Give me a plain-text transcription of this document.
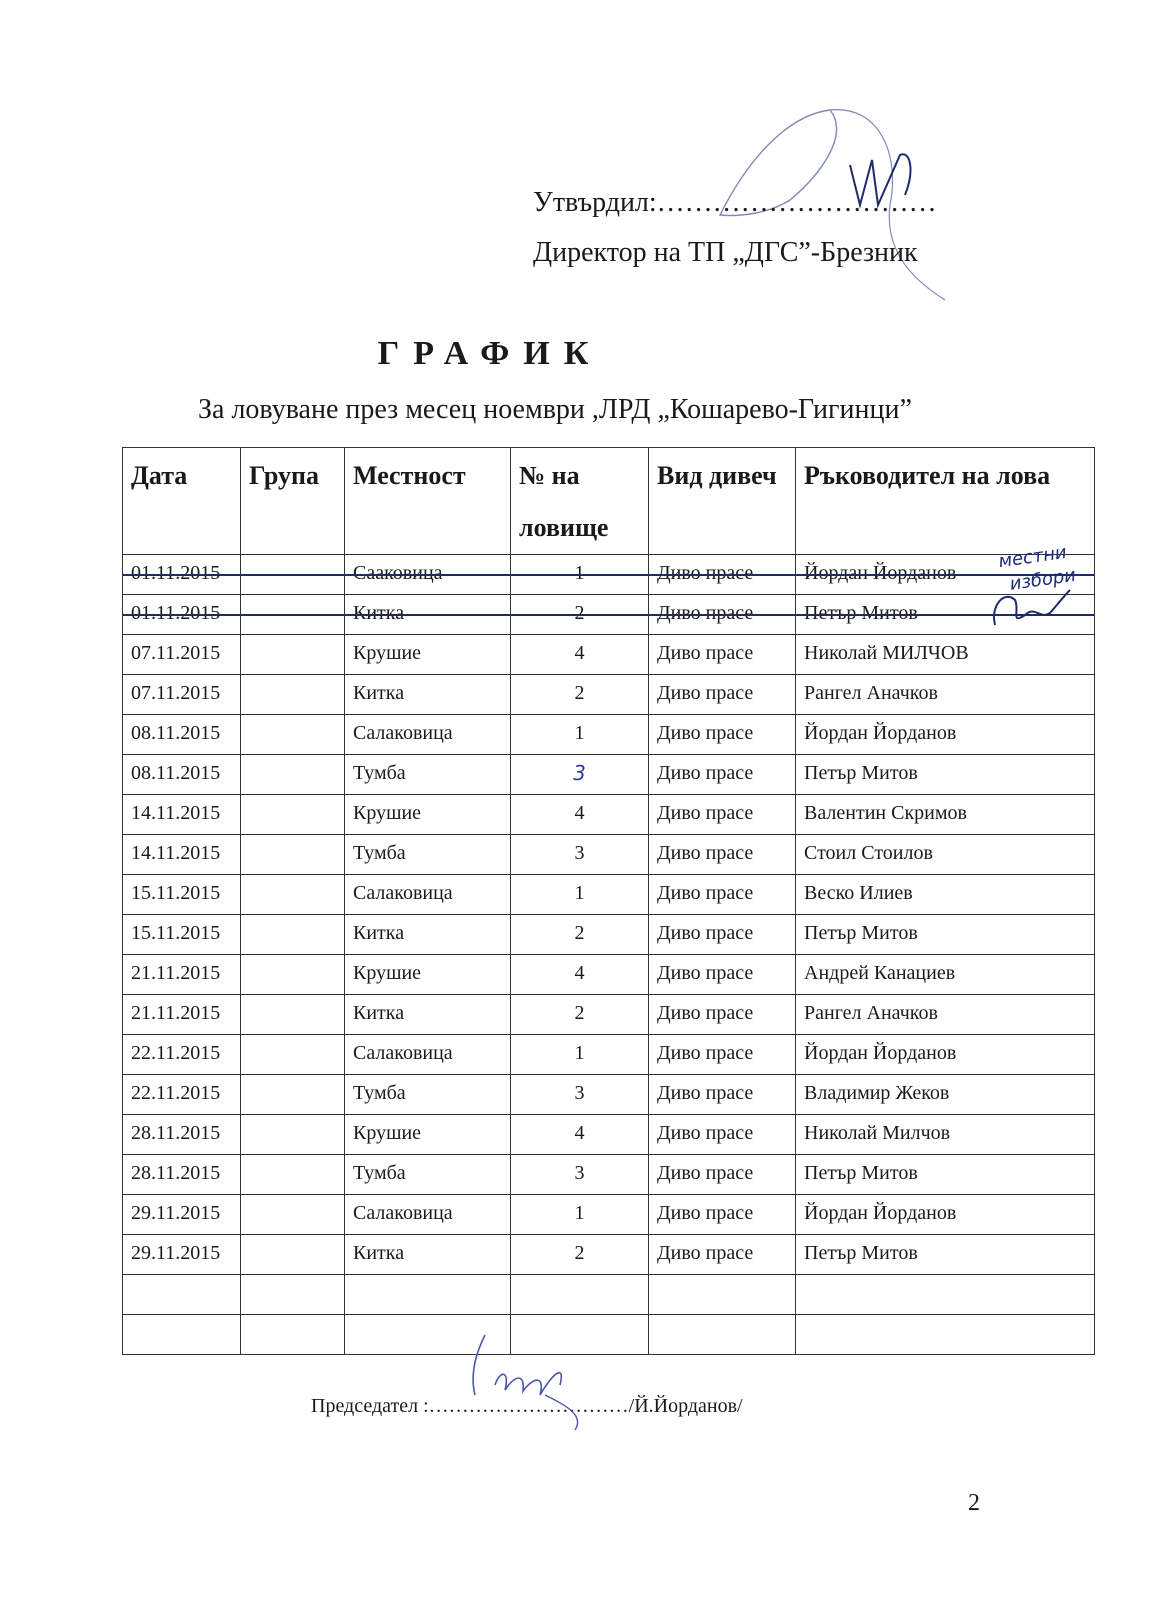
Утвърдил:…………………………
Директор на ТП „ДГС”-Брезник
ГРАФИК
За ловуване през месец ноември ,ЛРД „Кошарево-Гигинци”
Дата	Група	Местност	№ на ловище	Вид дивеч	Ръководител на лова
01.11.2015		Сааковица	1	Диво прасе	Йордан Йорданов
01.11.2015		Китка	2	Диво прасе	Петър Митов
07.11.2015		Крушие	4	Диво прасе	Николай МИЛЧОВ
07.11.2015		Китка	2	Диво прасе	Рангел Аначков
08.11.2015		Салаковица	1	Диво прасе	Йордан Йорданов
08.11.2015		Тумба	3	Диво прасе	Петър Митов
14.11.2015		Крушие	4	Диво прасе	Валентин Скримов
14.11.2015		Тумба	3	Диво прасе	Стоил Стоилов
15.11.2015		Салаковица	1	Диво прасе	Веско Илиев
15.11.2015		Китка	2	Диво прасе	Петър Митов
21.11.2015		Крушие	4	Диво прасе	Андрей Канациев
21.11.2015		Китка	2	Диво прасе	Рангел Аначков
22.11.2015		Салаковица	1	Диво прасе	Йордан Йорданов
22.11.2015		Тумба	3	Диво прасе	Владимир Жеков
28.11.2015		Крушие	4	Диво прасе	Николай Милчов
28.11.2015		Тумба	3	Диво прасе	Петър Митов
29.11.2015		Салаковица	1	Диво прасе	Йордан Йорданов
29.11.2015		Китка	2	Диво прасе	Петър Митов

местни
избори
Председател :…………………………/Й.Йорданов/
2
